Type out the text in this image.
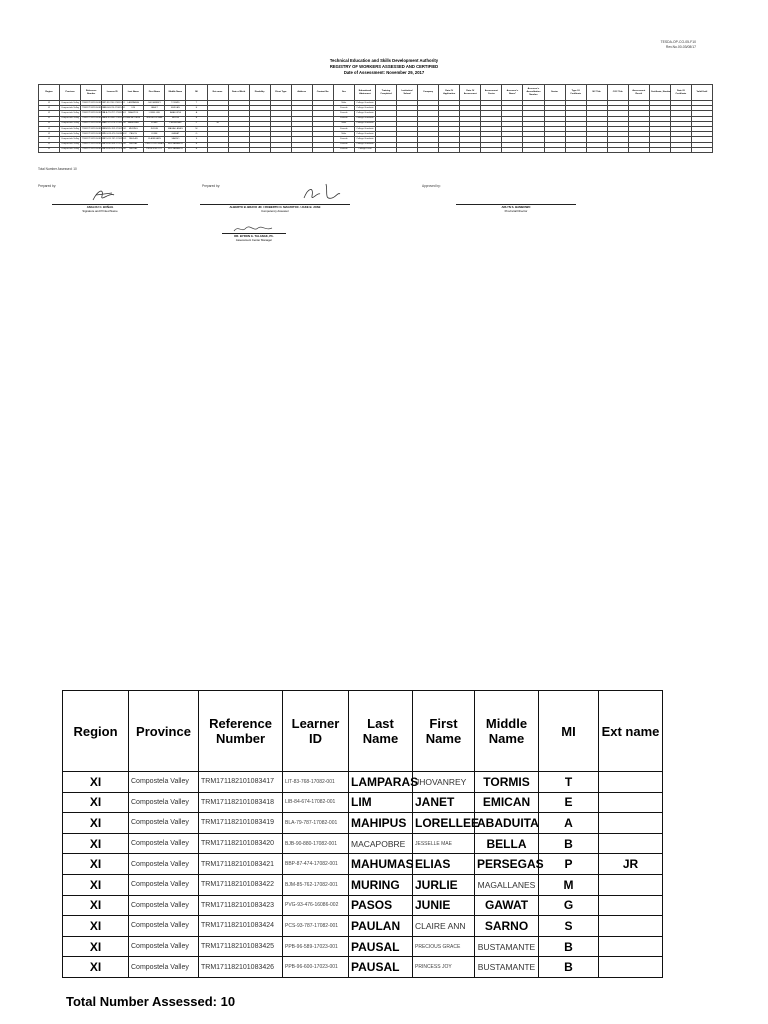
TESDA-OP-CO-05-F10
Rev.No.00-03/08/17
Technical Education and Skills Development Authority
REGISTRY OF WORKERS ASSESSED AND CERTIFIED
Date of Assessment: November 29, 2017
Region	Province	Reference Number	Learner ID	Last Name	First Name	Middle Name	MI	Ext name	Date of Birth	Disability	Client Type	Address	Contact No.	Sex	Educational Attainment	Training Completed	Institution/ School	Company	Date Of Application	Date Of Assessment	Assessment Center	Assessor's Name*	Assessor's Accreditation Number	Sector	Type Of Certificate	NC Title	COC Title	Assessment Result	Certificate_Number	Date Of Certificate	Valid Until
XI	Compostela Valley	TRM171182101083417	LIT-83-768-17082-001	LAMPARAS	JHOVANREY	TORMIS	T							Male	College Graduate																
XI	Compostela Valley	TRM171182101083418	LIB-84-674-17082-001	LIM	JANET	EMICAN	E							Female	College Graduate																
XI	Compostela Valley	TRM171182101083419	BLA-79-787-17082-001	MAHIPUS	LORELLEE	ABADUITA	A							Female	College Graduate																
XI	Compostela Valley	TRM171182101083420	BJB-90-880-17082-001	MACAPOBRE	JESSELLE MAE	BELLA	B							Female	College Graduate																
XI	Compostela Valley	TRM171182101083421	BBP-87-474-17082-001	MAHUMAS	ELIAS	PERSEGAS	P	JR						Male	College Graduate																
XI	Compostela Valley	TRM171182101083422	BJM-85-762-17082-001	MURING	JURLIE	MAGALLANES	M							Female	College Graduate																
XI	Compostela Valley	TRM171182101083423	PVG-93-476-16086-002	PASOS	JUNIE	GAWAT	G							Male	College Graduate																
XI	Compostela Valley	TRM171182101083424	PCS-93-787-17082-001	PAULAN	CLAIRE ANN	SARNO	S							Female	College Graduate																
XI	Compostela Valley	TRM171182101083425	PPB-96-589-17023-001	PAUSAL	PRECIOUS GRACE	BUSTAMANTE	B							Female	College Graduate																
XI	Compostela Valley	TRM171182101083426	PPB-96-600-17023-001	PAUSAL	PRINCESS JOY	BUSTAMANTE	B							Female	College Level																
Total Number Assessed: 10
Prepared by:	Prepared by:	Approved by:
ANALOU C. BUÑAG
Signature and Printed Name
ALBERTO B. BRAVO JR. / ROBERTO O. MAGPATOC / JAKE B. JOSE
Competency Assessor
ARLYN S. BAMBOWO
Provincial Director
DR. BYRON G. TALANAK, Ph.
Assessment Center Manager
Region	Province	Reference Number	Learner ID	Last Name	First Name	Middle Name	MI	Ext name
XI	Compostela Valley	TRM171182101083417	LIT-83-768-17082-001	LAMPARAS	JHOVANREY	TORMIS	T	
XI	Compostela Valley	TRM171182101083418	LIB-84-674-17082-001	LIM	JANET	EMICAN	E	
XI	Compostela Valley	TRM171182101083419	BLA-79-787-17082-001	MAHIPUS	LORELLEE	ABADUITA	A	
XI	Compostela Valley	TRM171182101083420	BJB-90-880-17082-001	MACAPOBRE	JESSELLE MAE	BELLA	B	
XI	Compostela Valley	TRM171182101083421	BBP-87-474-17082-001	MAHUMAS	ELIAS	PERSEGAS	P	JR
XI	Compostela Valley	TRM171182101083422	BJM-85-762-17082-001	MURING	JURLIE	MAGALLANES	M	
XI	Compostela Valley	TRM171182101083423	PVG-93-476-16086-002	PASOS	JUNIE	GAWAT	G	
XI	Compostela Valley	TRM171182101083424	PCS-93-787-17082-001	PAULAN	CLAIRE ANN	SARNO	S	
XI	Compostela Valley	TRM171182101083425	PPB-96-589-17023-001	PAUSAL	PRECIOUS GRACE	BUSTAMANTE	B	
XI	Compostela Valley	TRM171182101083426	PPB-96-600-17023-001	PAUSAL	PRINCESS JOY	BUSTAMANTE	B	
Total Number Assessed: 10
